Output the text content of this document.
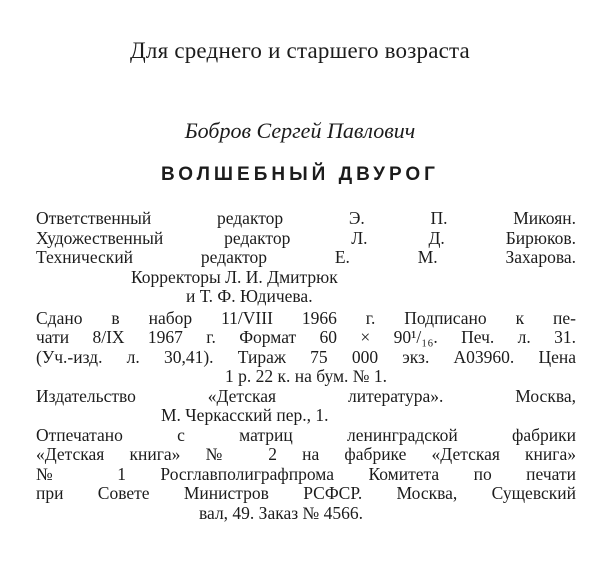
Для среднего и старшего возраста
Бобров Сергей Павлович
ВОЛШЕБНЫЙ ДВУРОГ
Ответственный редактор Э. П. Микоян.
Художественный редактор Л. Д. Бирюков.
Технический редактор Е. М. Захарова.
Корректоры Л. И. Дмитрюк
и Т. Ф. Юдичева.
Сдано в набор 11/VIII 1966 г. Подписано к пе-
чати 8/IX 1967 г. Формат 60 × 90¹/₁₆. Печ. л. 31.
(Уч.-изд. л. 30,41). Тираж 75 000 экз. А03960. Цена
1 р. 22 к. на бум. № 1.
Издательство «Детская литература». Москва,
М. Черкасский пер., 1.
Отпечатано с матриц ленинградской фабрики
«Детская книга» № 2 на фабрике «Детская книга»
№ 1 Росглавполиграфпрома Комитета по печати
при Совете Министров РСФСР. Москва, Сущевский
вал, 49. Заказ № 4566.
